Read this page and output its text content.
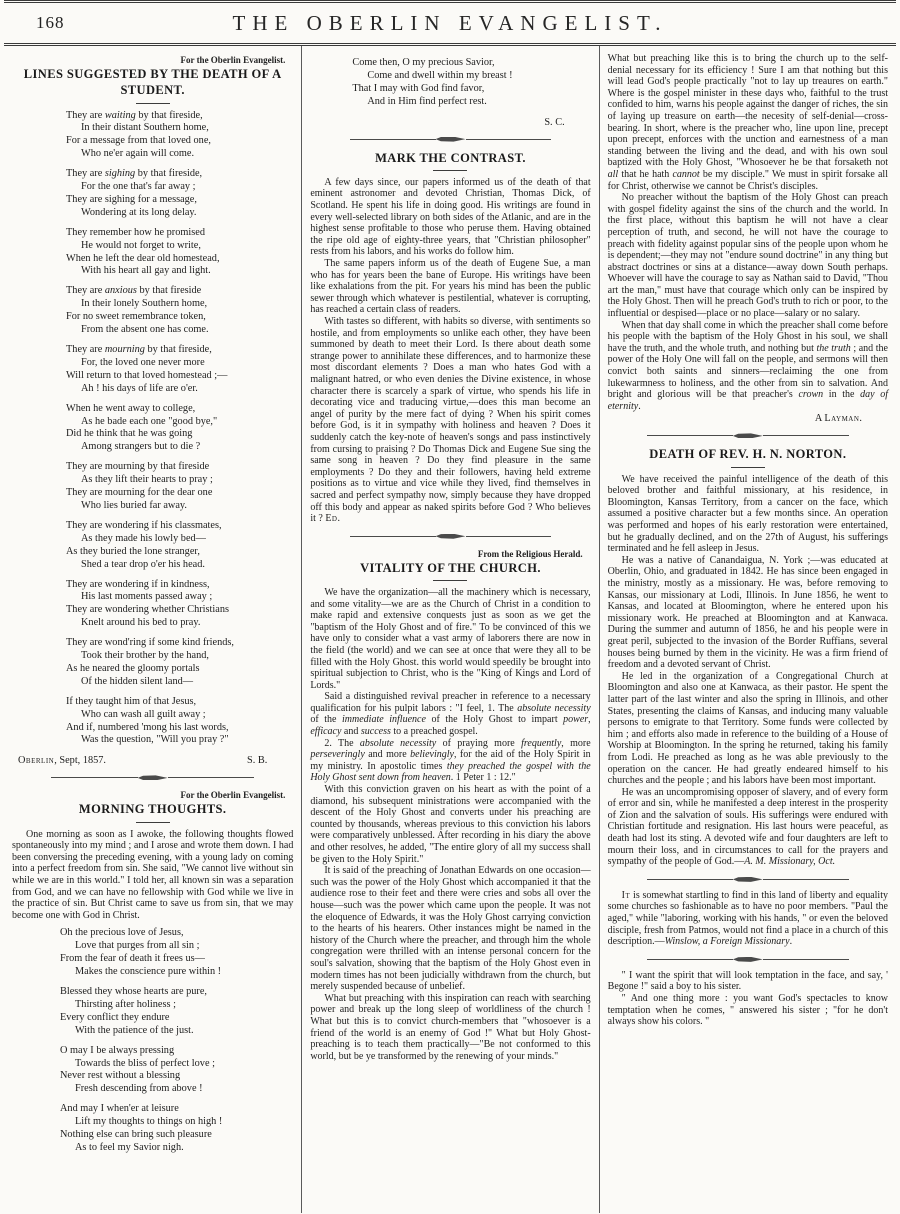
168	THE OBERLIN EVANGELIST.
For the Oberlin Evangelist.
LINES SUGGESTED BY THE DEATH OF A STUDENT.
They are waiting by that fireside,
In their distant Southern home,
For a message from that loved one,
Who ne'er again will come.
They are sighing by that fireside,
For the one that's far away ;
They are sighing for a message,
Wondering at its long delay.
They remember how he promised
He would not forget to write,
When he left the dear old homestead,
With his heart all gay and light.
They are anxious by that fireside
In their lonely Southern home,
For no sweet remembrance token,
From the absent one has come.
They are mourning by that fireside,
For, the loved one never more
Will return to that loved homestead ;—
Ah ! his days of life are o'er.
When he went away to college,
As he bade each one "good bye,"
Did he think that he was going
Among strangers but to die ?
They are mourning by that fireside
As they lift their hearts to pray ;
They are mourning for the dear one
Who lies buried far away.
They are wondering if his classmates,
As they made his lowly bed—
As they buried the lone stranger,
Shed a tear drop o'er his head.
They are wondering if in kindness,
His last moments passed away ;
They are wondering whether Christians
Knelt around his bed to pray.
They are wond'ring if some kind friends,
Took their brother by the hand,
As he neared the gloomy portals
Of the hidden silent land—
If they taught him of that Jesus,
Who can wash all guilt away ;
And if, numbered 'mong his last words,
Was the question, "Will you pray ?"
Oberlin, Sept, 1857.	S. B.
For the Oberlin Evangelist.
MORNING THOUGHTS.

One morning as soon as I awoke, the following thoughts flowed spontaneously into my mind ; and I arose and wrote them down. I had been conversing the preceding evening, with a young lady on coming into a perfect freedom from sin. She said, "We cannot live without sin while we are in this world." I told her, all known sin was a separation from God, and we can have no fellowship with God while we live in the practice of sin. But Christ came to save us from sin, that we may become one with God in Christ.

Oh the precious love of Jesus,
Love that purges from all sin ;
From the fear of death it frees us—
Makes the conscience pure within !
Blessed they whose hearts are pure,
Thirsting after holiness ;
Every conflict they endure
With the patience of the just.
O may I be always pressing
Towards the bliss of perfect love ;
Never rest without a blessing
Fresh descending from above !
And may I when'er at leisure
Lift my thoughts to things on high !
Nothing else can bring such pleasure
As to feel my Savior nigh.
Come then, O my precious Savior,
Come and dwell within my breast !
That I may with God find favor,
And in Him find perfect rest.
S. C.
MARK THE CONTRAST.

A few days since, our papers informed us of the death of that eminent astronomer and devoted Christian, Thomas Dick, of Scotland. He spent his life in doing good. His writings are found in every well-selected library on both sides of the Atlanic, and are in the highest sense profitable to those who peruse them. Having obtained the ripe old age of eighty-three years, that "Christian philosopher" rests from his labors, and his works do follow him.

The same papers inform us of the death of Eugene Sue, a man who has for years been the bane of Europe. His writings have been like exhalations from the pit. For years his mind has been the public sewer through which whatever is pestilential, whatever is corrupting, has reached a certain class of readers.

With tastes so different, with habits so diverse, with sentiments so hostile, and from employments so unlike each other, they have been summoned by death to meet their Lord. Is there about death some strange power to annihilate these differences, and to harmonize these most discordant elements ? Does a man who hates God with a malignant hatred, or who even denies the Divine existence, in whose character there is scarcely a spark of virtue, who spends his life in decorating vice and traducing virtue,—does this man become an angel of purity by the mere fact of dying ? When his spirit comes before God, is it in sympathy with holiness and heaven ? Does it suddenly catch the key-note of heaven's songs and pass instinctively from cursing to praising ? Do Thomas Dick and Eugene Sue sing the same song in heaven ? Do they find pleasure in the same employments ? Do they and their followers, having held extreme positions as to virtue and vice while they lived, find themselves in sacred and perfect sympathy now, simply because they have dropped off this body and appear as naked spirits before God ? Who believes it ? Ed.

From the Religious Herald.
VITALITY OF THE CHURCH.

We have the organization—all the machinery which is necessary, and some vitality—we are as the Church of Christ in a condition to make rapid and extensive conquests just as soon as we get the "baptism of the Holy Ghost and of fire." To be convinced of this we have only to consider what a vast army of laborers there are now in the field (the world) and we can see at once that were they all to be filled with the Holy Ghost. this world would speedily be brought into spiritual subjection to Christ, who is the "King of Kings and Lord of Lords."

Said a distinguished revival preacher in reference to a necessary qualification for his pulpit labors : "I feel, 1. The absolute necessity of the immediate influence of the Holy Ghost to impart power, efficacy and success to a preached gospel.

2. The absolute necessity of praying more frequently, more perseveringly and more believingly, for the aid of the Holy Spirit in my ministry. In apostolic times they preached the gospel with the Holy Ghost sent down from heaven. 1 Peter 1 : 12."

With this conviction graven on his heart as with the point of a diamond, his subsequent ministrations were accompanied with the descent of the Holy Ghost and converts under his preaching are counted by thousands, whereas previous to this conviction his labors were comparatively unblessed. After recording in his diary the above and other resolves, he added, "The entire glory of all my success shall be given to the Holy Spirit."

It is said of the preaching of Jonathan Edwards on one occasion—such was the power of the Holy Ghost which accompanied it that the audience rose to their feet and there were cries and sobs all over the house—such was the power which came upon the people. It was not the eloquence of Edwards, it was the Holy Ghost carrying conviction to the hearts of his hearers. Other instances might be named in the history of the Church where the preacher, and through him the whole congregation were thrilled with an intense personal concern for the soul's salvation, showing that the baptism of the Holy Ghost even in modern times has not been judicially withdrawn from the church, but merely suspended because of unbelief.

What but preaching with this inspiration can reach with searching power and break up the long sleep of worldliness of the church ! What but this is to convict church-members that "whosoever is a friend of the world is an enemy of God !" What but Holy Ghost-preaching is to teach them practically—"Be not conformed to this world, but be ye transformed by the renewing of your minds."

What but preaching like this is to bring the church up to the self-denial necessary for its efficiency ! Sure I am that nothing but this will lead God's people practically "not to lay up treaures on earth." Where is the gospel minister in these days who, faithful to the trust confided to him, warns his people against the danger of riches, the sin of laying up treasure on earth—the necesity of self-denial—cross-bearing. In short, where is the preacher who, line upon line, precept upon precept, enforces with the unction and earnestness of a man standing between the living and the dead, and with his own soul baptized with the Holy Ghost, "Whosoever he be that forsaketh not all that he hath cannot be my disciple." We must in spirit forsake all for Christ, otherwise we cannot be Christ's disciples.

No preacher without the baptism of the Holy Ghost can preach with gospel fidelity against the sins of the church and the world. In the first place, without this baptism he will not have a clear perception of truth, and second, he will not have the courage to preach with fidelity against popular sins of the people upon whom he is dependent;—they may not "endure sound doctrine" in any thing but abstract doctrines or sins at a distance—away down South perhaps. Whoever will have the courage to say as Nathan said to David, "Thou art the man," must have that courage which only can be inspired by the Holy Ghost. Then will he preach God's truth to rich or poor, to the influential or despised—place or no place—salary or no salary.

When that day shall come in which the preacher shall come before his people with the baptism of the Holy Ghost in his soul, we shall have the truth, and the whole truth, and nothing but the truth ; and the power of the Holy One will fall on the people, and sermons will then convict both saints and sinners—reclaiming the one from lukewarmness to holiness, and the other from sin to salvation. And bright and glorious will be that preacher's crown in the day of eternity.

A Layman.
DEATH OF REV. H. N. NORTON.

We have received the painful intelligence of the death of this beloved brother and faithful missionary, at his residence, in Bloomington, Kansas Territory, from a cancer on the face, which assumed a positive character but a few months since. An operation was performed and hopes of his early restoration were entertained, but he gradually declined, and on the 27th of August, his sufferings terminated and he fell asleep in Jesus.

He was a native of Canandaigua, N. York ;—was educated at Oberlin, Ohio, and graduated in 1842. He has since been engaged in the ministry, mostly as a missionary. He was, before removing to Kansas, our missionary at Lodi, Illinois. In June 1856, he went to Kansas, and located at Bloomington, where he entered upon his missionary work. He preached at Bloomington and at Kanwaca. During the summer and autumn of 1856, he and his people were in great peril, subjected to the invasion of the Border Ruffians, several houses being burned by them in the vicinity. He was a firm friend of freedom and a devoted servant of Christ.

He led in the organization of a Congregational Church at Bloomington and also one at Kanwaca, as their pastor. He spent the latter part of the last winter and also the spring in Illinois, and other States, presenting the claims of Kansas, and inducing many valuable persons to emigrate to that Territory. Some funds were collected by him ; and efforts also made in reference to the building of a House of Worship at Bloomington. In the spring he returned, taking his family from Lodi. He preached as long as he was able previously to the operation on the cancer. He had greatly endeared himself to his churches and the people ; and his labors have been most important.

He was an uncompromising opposer of slavery, and of every form of error and sin, while he manifested a deep interest in the prosperity of Zion and the salvation of souls. His sufferings were endured with Christian fortitude and resignation. His last hours were peaceful, as death had lost its sting. A devoted wife and four daughters are left to mourn their loss, and in circumstances to call for the prayers and sympathy of the people of God.—A. M. Missionary, Oct.

It is somewhat startling to find in this land of liberty and equality some churches so fashionable as to have no poor members. "Paul the aged," while "laboring, working with his hands, " or even the beloved disciple, fresh from Patmos, would not find a place in a church of this description.—Winslow, a Foreign Missionary.

" I want the spirit that will look temptation in the face, and say, ' Begone !" said a boy to his sister.

" And one thing more : you want God's spectacles to know temptation when he comes, " answered his sister ; "for he don't always show his colors. "
